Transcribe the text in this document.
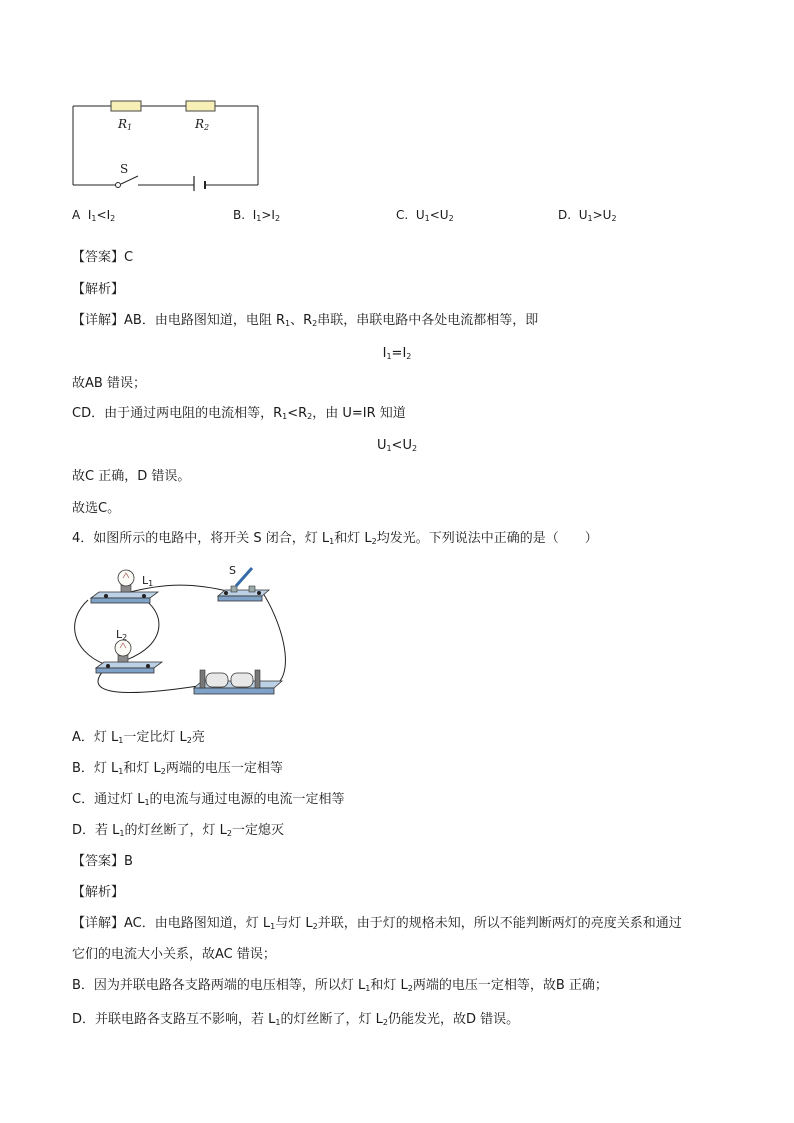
$R_1$	$R_2$
S
A $I_1<I_2$	B. $I_1>I_2$	C. $U_1<U_2$	D. $U_1>U_2$
【答案】C
【解析】
【详解】AB．由电路图知道，电阻 $R_1$、$R_2$串联，串联电路中各处电流都相等，即
$I_1=I_2$
故AB 错误；
CD．由于通过两电阻的电流相等，$R_1<R_2$，由 U=IR 知道
$U_1<U_2$
故C 正确，D 错误。
故选C。
4．如图所示的电路中，将开关 S 闭合，灯 $L_1$和灯 $L_2$均发光。下列说法中正确的是（　　）
$L_1$
$L_2$
S
A．灯 $L_1$一定比灯 $L_2$亮
B．灯 $L_1$和灯 $L_2$两端的电压一定相等
C．通过灯 $L_1$的电流与通过电源的电流一定相等
D．若 $L_1$的灯丝断了，灯 $L_2$一定熄灭
【答案】B
【解析】
【详解】AC．由电路图知道，灯 $L_1$与灯 $L_2$并联，由于灯的规格未知，所以不能判断两灯的亮度关系和通过
它们的电流大小关系，故AC 错误；
B．因为并联电路各支路两端的电压相等，所以灯 $L_1$和灯 $L_2$两端的电压一定相等，故B 正确；
D．并联电路各支路互不影响，若 $L_1$的灯丝断了，灯 $L_2$仍能发光，故D 错误。
